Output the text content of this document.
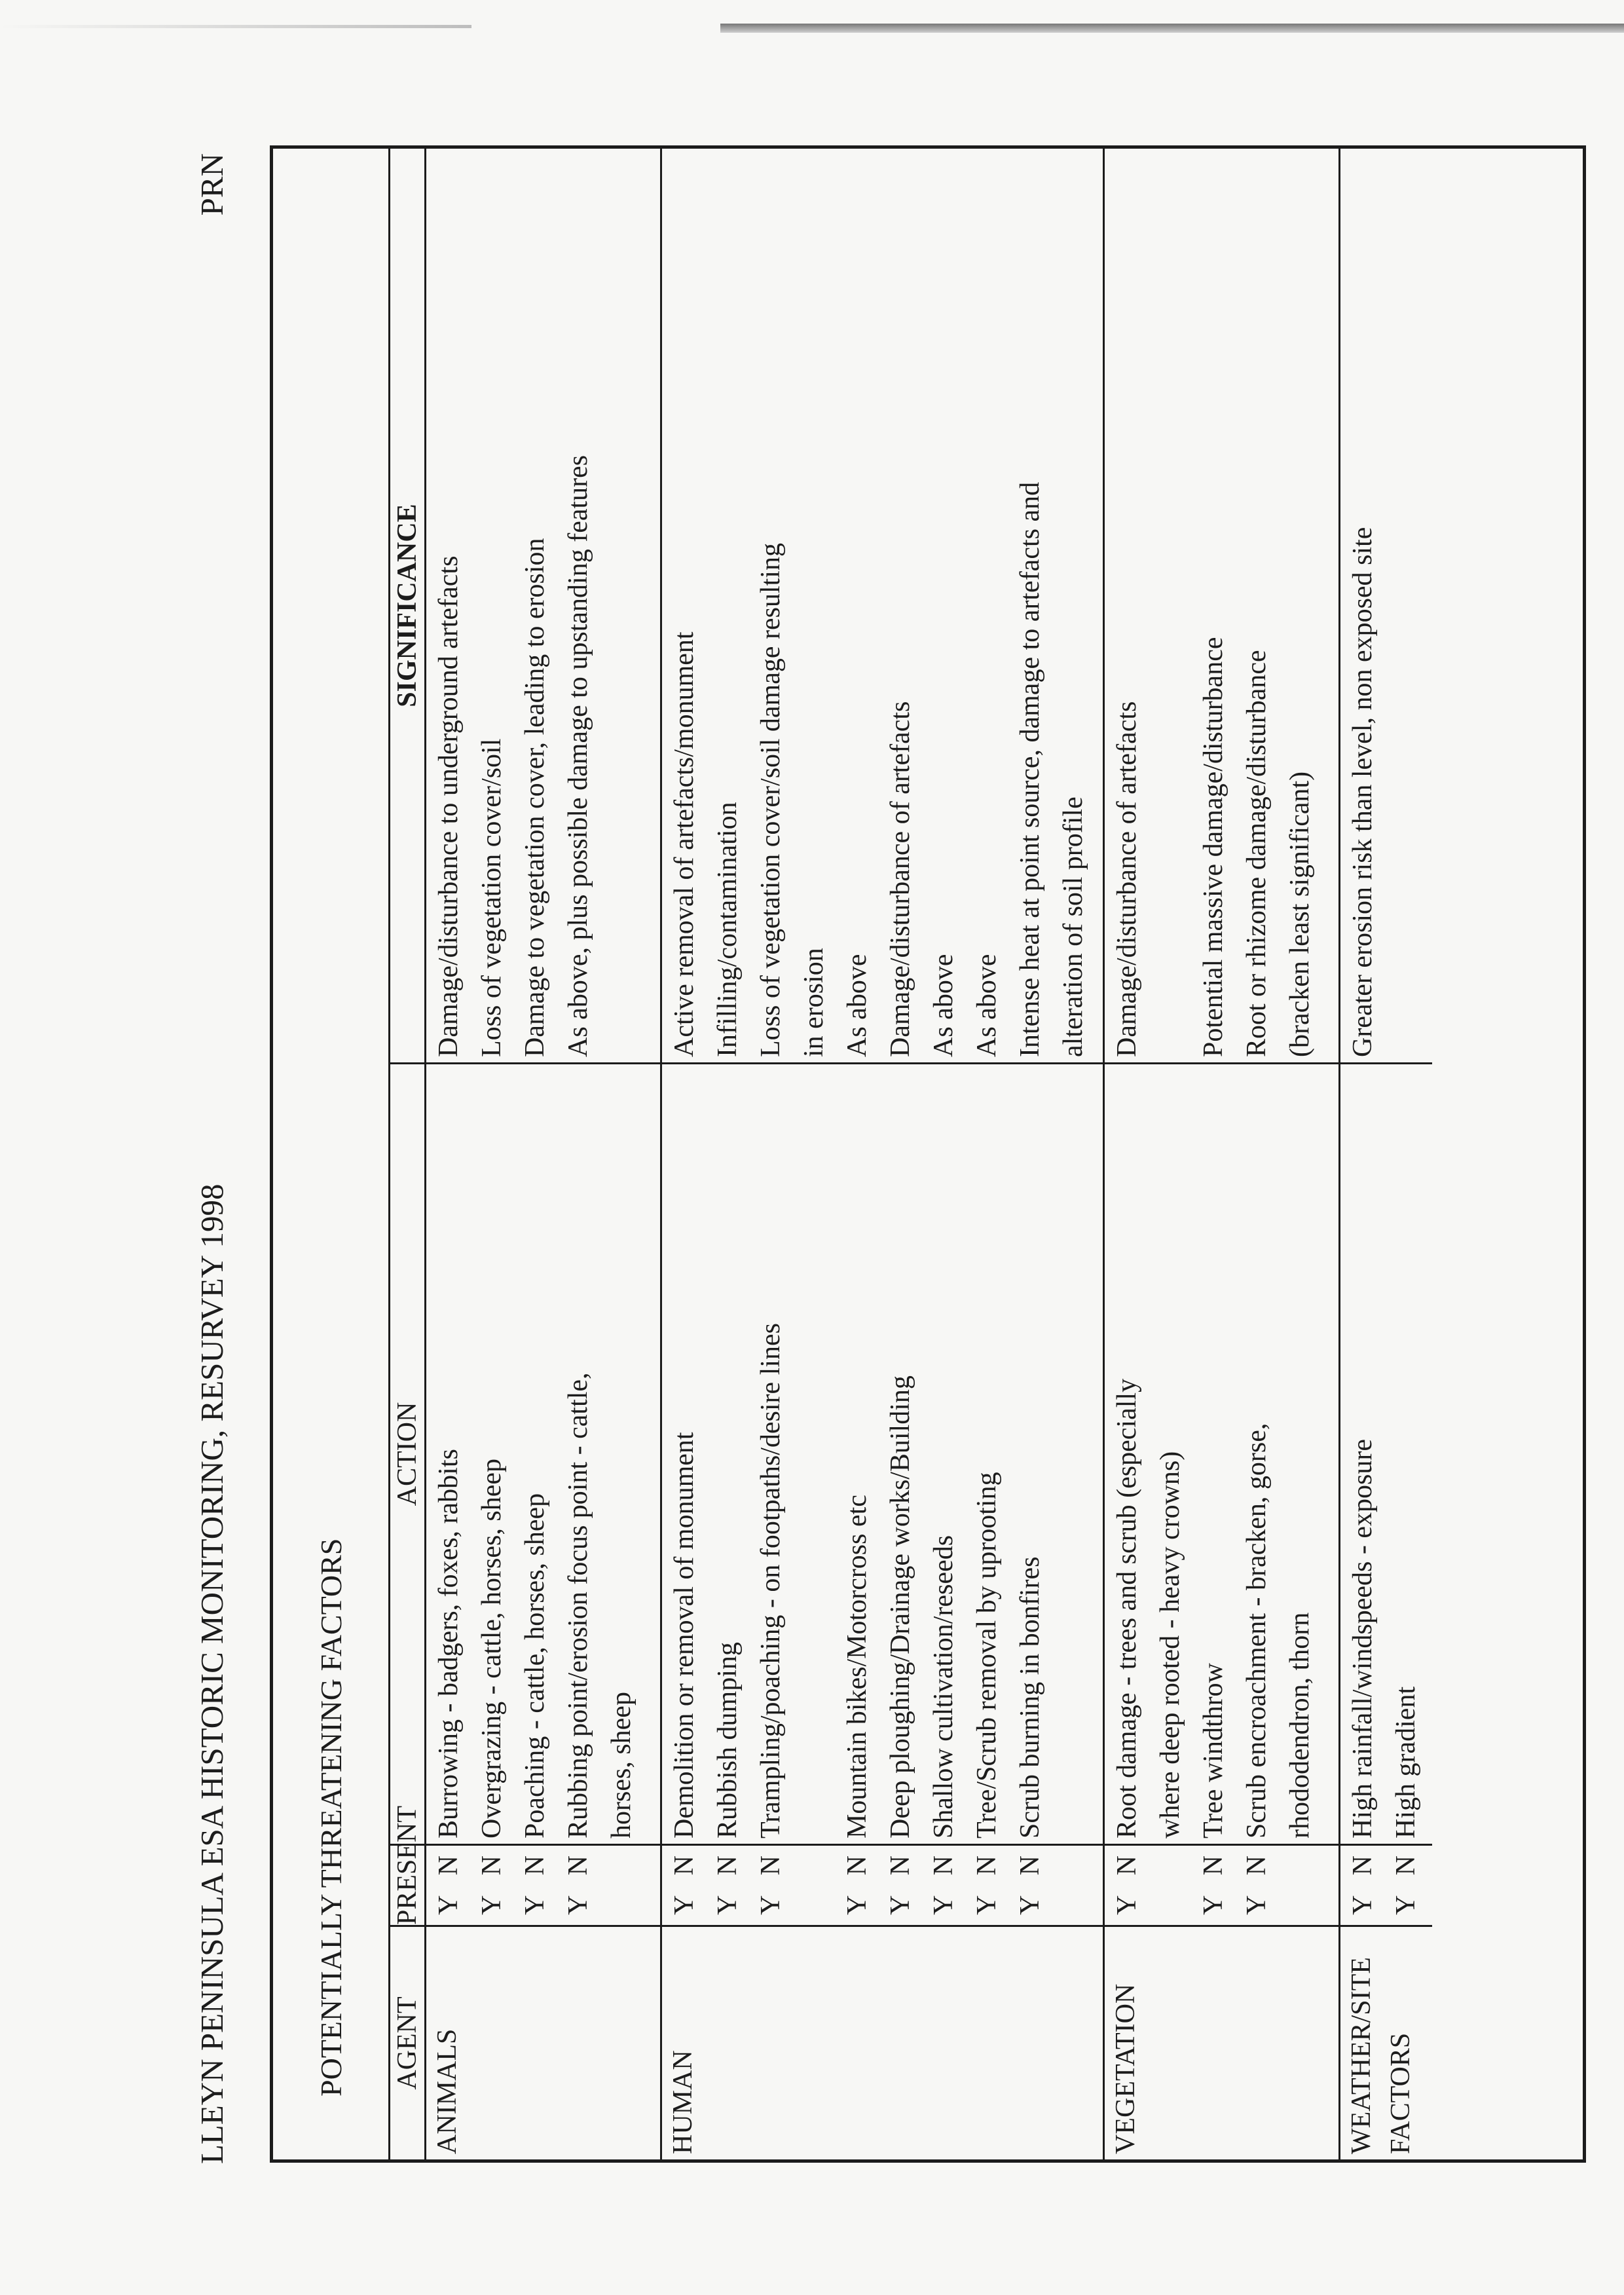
LLEYN PENINSULA ESA HISTORIC MONITORING, RESURVEY 1998
PRN
POTENTIALLY THREATENING FACTORS	AGENT
PRESENT
ACTION
SIGNIFICANCE
ANIMALS
Y
N
Y
N
Y
N
Y
N
Burrowing - badgers, foxes, rabbits Overgrazing - cattle, horses, sheep Poaching - cattle, horses, sheep Rubbing point/erosion focus point - cattle, horses, sheep
Damage/disturbance to underground artefacts Loss of vegetation cover/soil Damage to vegetation cover, leading to erosion As above, plus possible damage to upstanding features
HUMAN
Y
N
Y
N
Y
N
Y
N
Y
N
Y
N
Y
N
Y
N
Demolition or removal of monument Rubbish dumping Trampling/poaching - on footpaths/desire lines Mountain bikes/Motorcross etc Deep ploughing/Drainage works/Building Shallow cultivation/reseeds Tree/Scrub removal by uprooting Scrub burning in bonfires
Active removal of artefacts/monument Infilling/contamination Loss of vegetation cover/soil damage resulting in erosion As above Damage/disturbance of artefacts As above As above Intense heat at point source, damage to artefacts and alteration of soil profile
VEGETATION
Y
N
Y
N
Y
N
Root damage - trees and scrub (especially where deep rooted - heavy crowns) Tree windthrow Scrub encroachment - bracken, gorse, rhododendron, thorn
Damage/disturbance of artefacts Potential massive damage/disturbance Root or rhizome damage/disturbance (bracken least significant)
WEATHER/SITE FACTORS
Y
N
Y
N
High rainfall/windspeeds - exposure High gradient
Greater erosion risk than level, non exposed site
